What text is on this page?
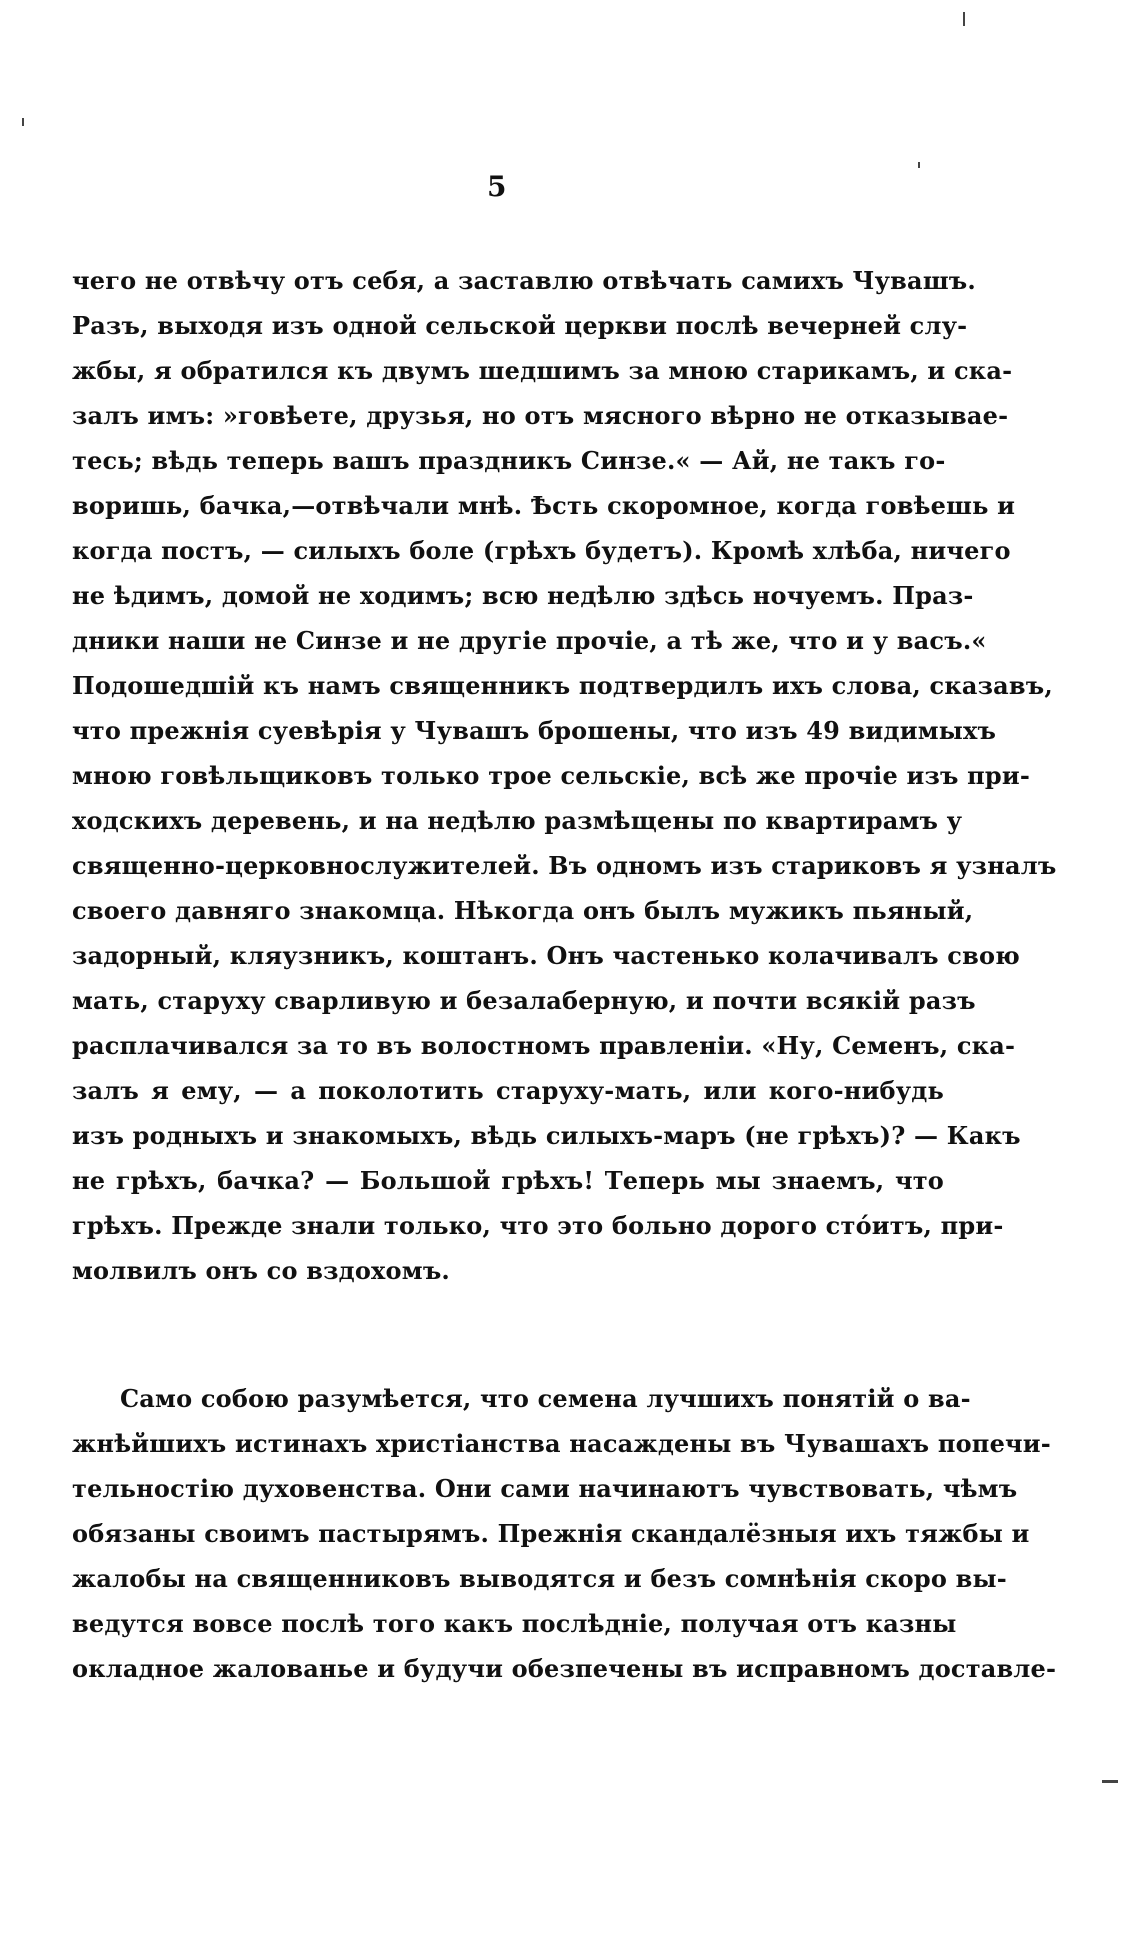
5
чего не отвѣчу отъ себя, а заставлю отвѣчать самихъ Чувашъ.
Разъ, выходя изъ одной сельской церкви послѣ вечерней слу-
жбы, я обратился къ двумъ шедшимъ за мною старикамъ, и ска-
залъ имъ: »говѣете, друзья, но отъ мясного вѣрно не отказывае-
тесь; вѣдь теперь вашъ праздникъ Синзе.« — Ай, не такъ го-
воришь, бачка,—отвѣчали мнѣ. Ѣсть скоромное, когда говѣешь и
когда постъ, — силыхъ боле (грѣхъ будетъ). Кромѣ хлѣба, ничего
не ѣдимъ, домой не ходимъ; всю недѣлю здѣсь ночуемъ. Праз-
дники наши не Синзе и не другіе прочіе, а тѣ же, что и у васъ.«
Подошедшій къ намъ священникъ подтвердилъ ихъ слова, сказавъ,
что прежнія суевѣрія у Чувашъ брошены, что изъ 49 видимыхъ
мною говѣльщиковъ только трое сельскіе, всѣ же прочіе изъ при-
ходскихъ деревень, и на недѣлю размѣщены по квартирамъ у
священно-церковнослужителей. Въ одномъ изъ стариковъ я узналъ
своего давняго знакомца. Нѣкогда онъ былъ мужикъ пьяный,
задорный, кляузникъ, коштанъ. Онъ частенько колачивалъ свою
мать, старуху сварливую и безалаберную, и почти всякій разъ
расплачивался за то въ волостномъ правленіи. «Ну, Семенъ, ска-
залъ я ему, — а поколотить старуху-мать, или кого-нибудь
изъ родныхъ и знакомыхъ, вѣдь силыхъ-маръ (не грѣхъ)? — Какъ
не грѣхъ, бачка? — Большой грѣхъ! Теперь мы знаемъ, что
грѣхъ. Прежде знали только, что это больно дорого стóитъ, при-
молвилъ онъ со вздохомъ.
Само собою разумѣется, что семена лучшихъ понятій о ва-
жнѣйшихъ истинахъ христіанства насаждены въ Чувашахъ попечи-
тельностію духовенства. Они сами начинаютъ чувствовать, чѣмъ
обязаны своимъ пастырямъ. Прежнія скандалёзныя ихъ тяжбы и
жалобы на священниковъ выводятся и безъ сомнѣнія скоро вы-
ведутся вовсе послѣ того какъ послѣдніе, получая отъ казны
окладное жалованье и будучи обезпечены въ исправномъ доставле-
